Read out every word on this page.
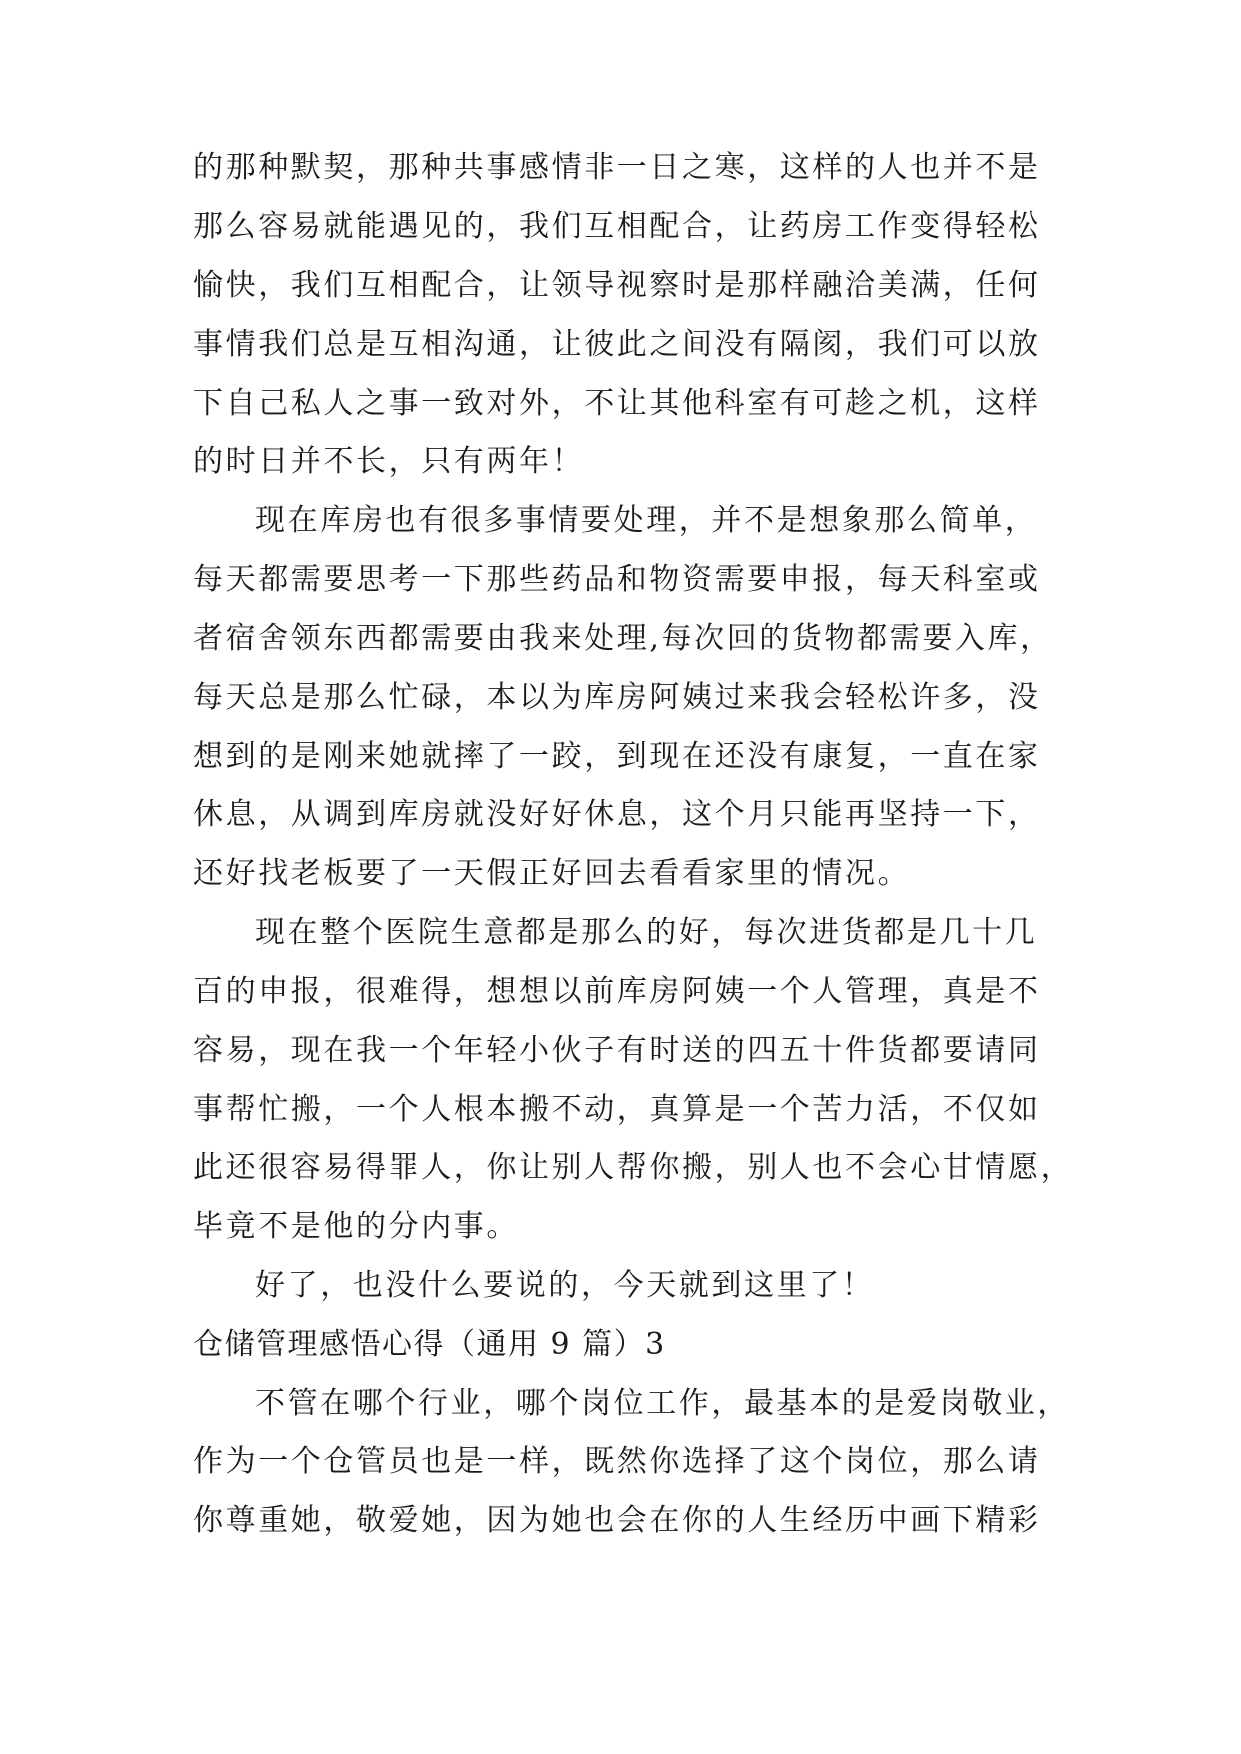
的那种默契，那种共事感情非一日之寒，这样的人也并不是
那么容易就能遇见的，我们互相配合，让药房工作变得轻松
愉快，我们互相配合，让领导视察时是那样融洽美满，任何
事情我们总是互相沟通，让彼此之间没有隔阂，我们可以放
下自己私人之事一致对外，不让其他科室有可趁之机，这样
的时日并不长，只有两年！
现在库房也有很多事情要处理，并不是想象那么简单，
每天都需要思考一下那些药品和物资需要申报，每天科室或
者宿舍领东西都需要由我来处理,每次回的货物都需要入库，
每天总是那么忙碌，本以为库房阿姨过来我会轻松许多，没
想到的是刚来她就摔了一跤，到现在还没有康复，一直在家
休息，从调到库房就没好好休息，这个月只能再坚持一下，
还好找老板要了一天假正好回去看看家里的情况。
现在整个医院生意都是那么的好，每次进货都是几十几
百的申报，很难得，想想以前库房阿姨一个人管理，真是不
容易，现在我一个年轻小伙子有时送的四五十件货都要请同
事帮忙搬，一个人根本搬不动，真算是一个苦力活，不仅如
此还很容易得罪人，你让别人帮你搬，别人也不会心甘情愿，
毕竟不是他的分内事。
好了，也没什么要说的，今天就到这里了！
仓储管理感悟心得（通用 9 篇）3
不管在哪个行业，哪个岗位工作，最基本的是爱岗敬业，
作为一个仓管员也是一样，既然你选择了这个岗位，那么请
你尊重她，敬爱她，因为她也会在你的人生经历中画下精彩
